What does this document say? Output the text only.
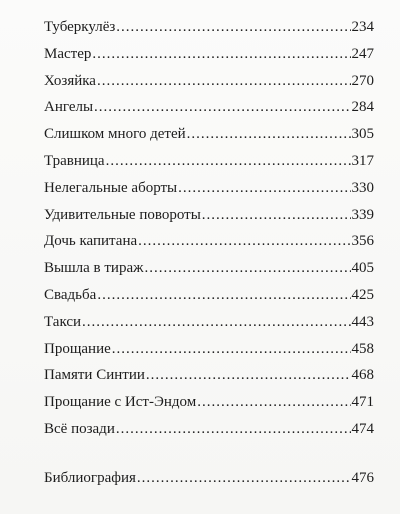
Туберкулёз .....	234
Мастер .....	247
Хозяйка .....	270
Ангелы .....	284
Слишком много детей .....	305
Травница .....	317
Нелегальные аборты .....	330
Удивительные повороты .....	339
Дочь капитана .....	356
Вышла в тираж .....	405
Свадьба .....	425
Такси .....	443
Прощание .....	458
Памяти Синтии .....	468
Прощание с Ист-Эндом .....	471
Всё позади .....	474
Библиография .....	476
